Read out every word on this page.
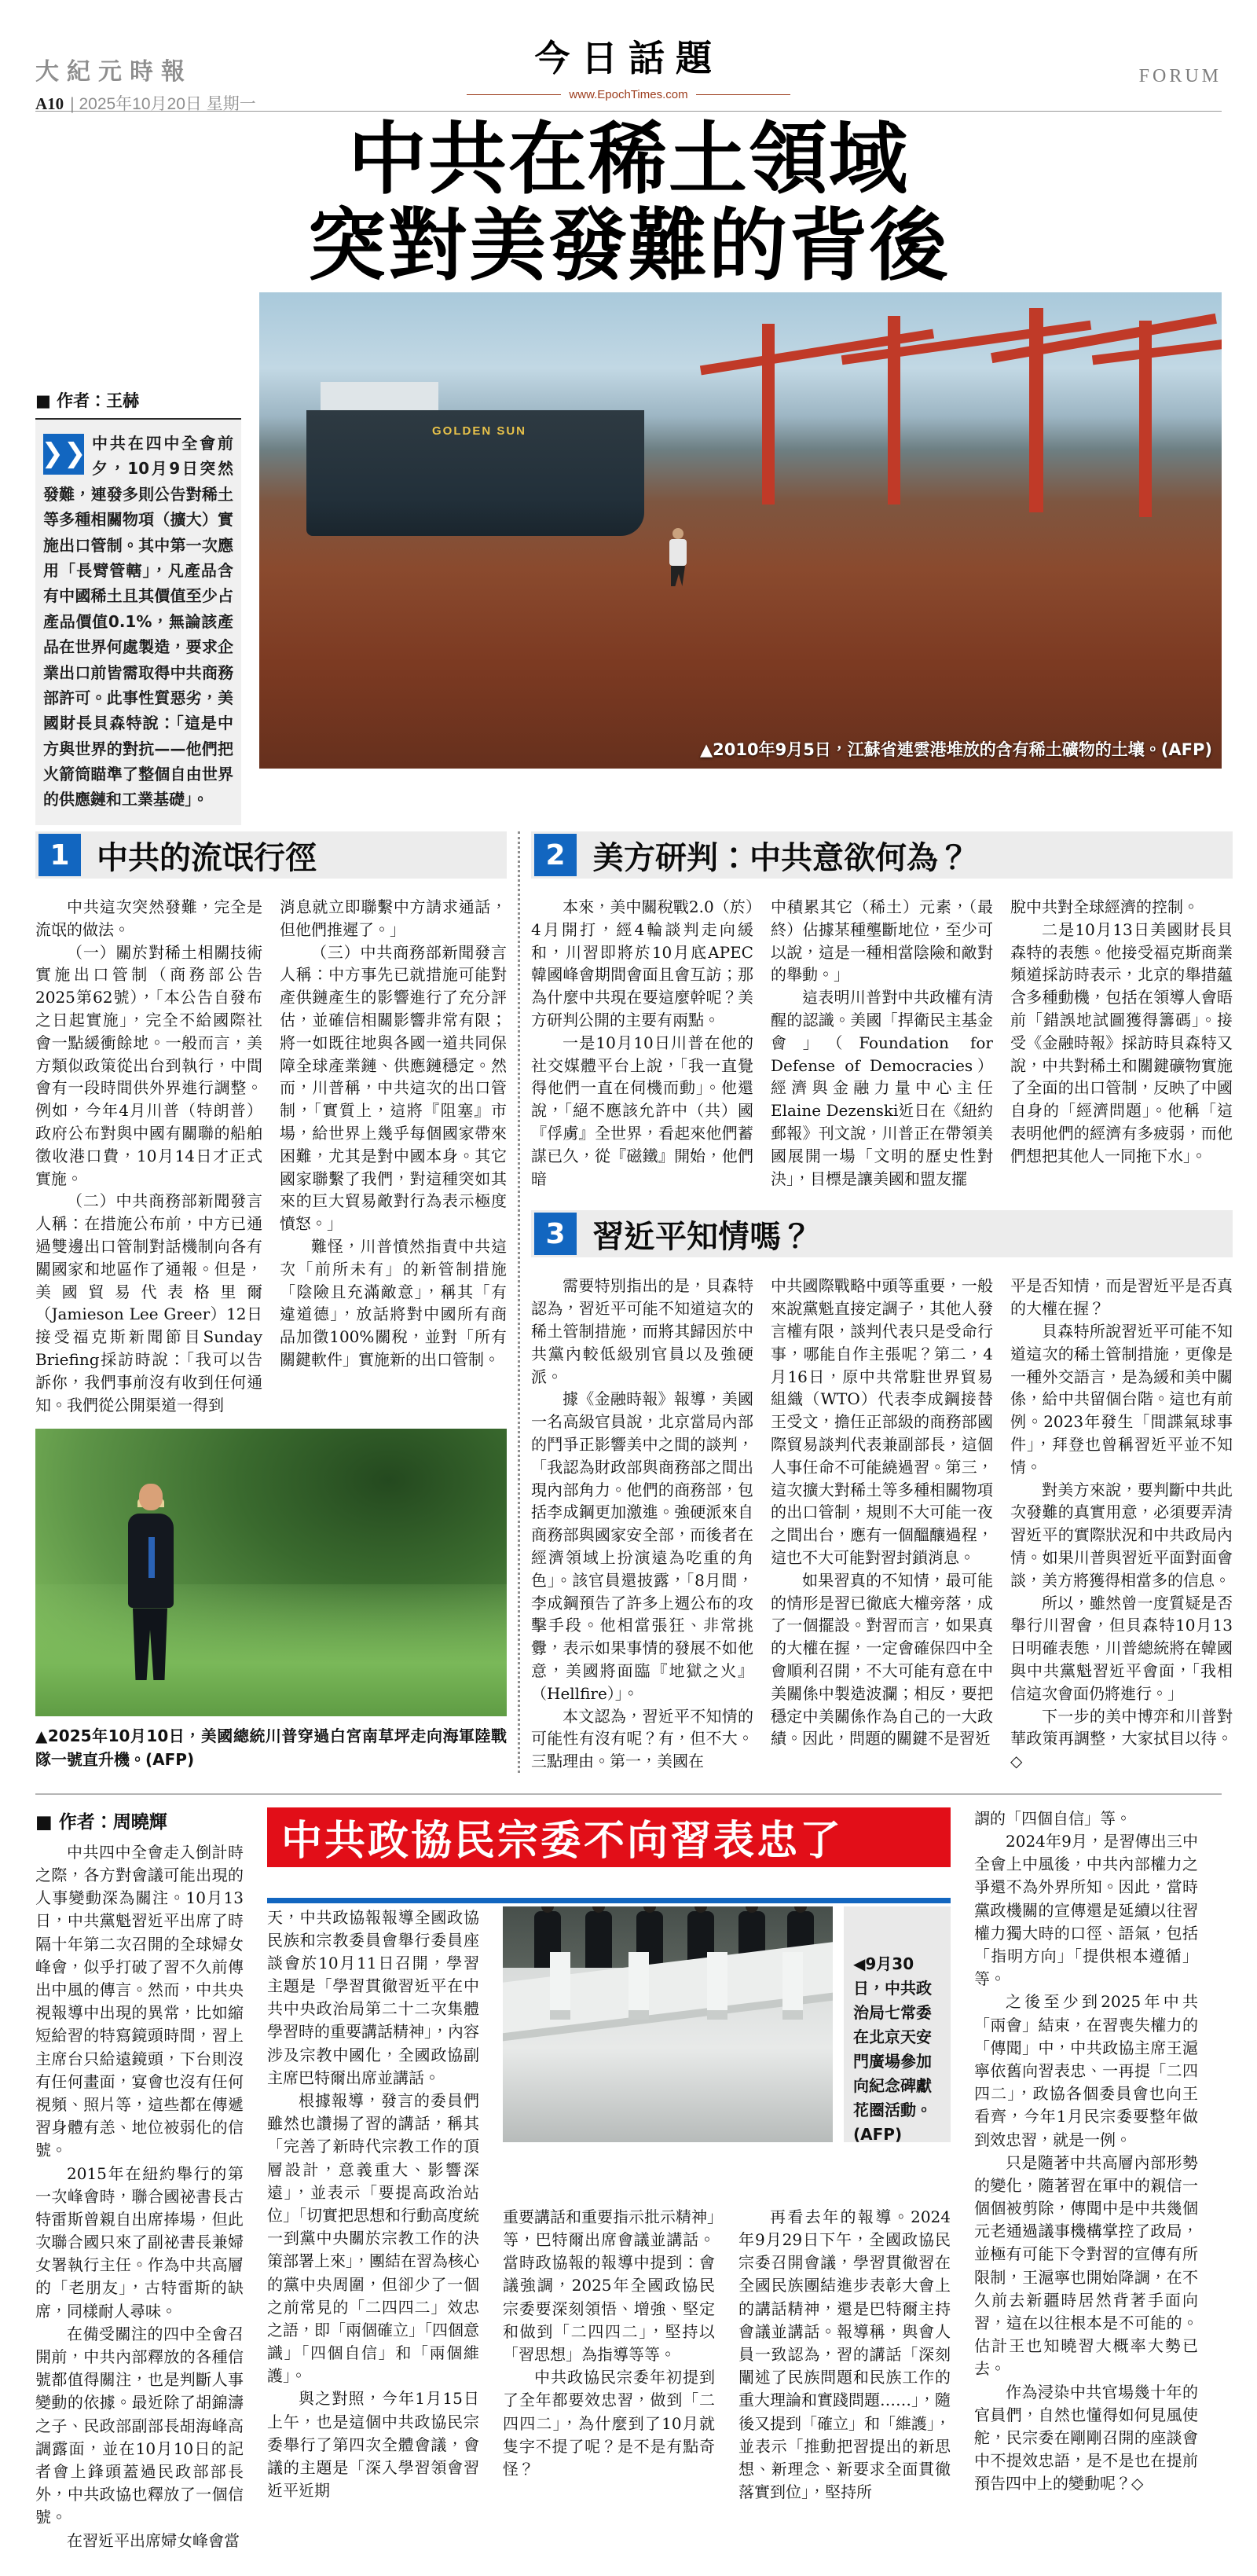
大紀元時報
A10 | 2025年10月20日 星期一
今日話題
www.EpochTimes.com
FORUM
中共在稀土領域
突對美發難的背後
■ 作者：王赫
❯❯ 中共在四中全會前夕，10月9日突然發難，連發多則公告對稀土等多種相關物項（擴大）實施出口管制。其中第一次應用「長臂管轄」，凡產品含有中國稀土且其價值至少占產品價值0.1%，無論該產品在世界何處製造，要求企業出口前皆需取得中共商務部許可。此事性質惡劣，美國財長貝森特說：「這是中方與世界的對抗——他們把火箭筒瞄準了整個自由世界的供應鏈和工業基礎」。
GOLDEN SUN
▲2010年9月5日，江蘇省連雲港堆放的含有稀土礦物的土壤。(AFP)
1 中共的流氓行徑

中共這次突然發難，完全是流氓的做法。

（一）關於對稀土相關技術實施出口管制（商務部公告2025第62號），「本公告自發布之日起實施」，完全不給國際社會一點緩衝餘地。一般而言，美方類似政策從出台到執行，中間會有一段時間供外界進行調整。例如，今年4月川普（特朗普）政府公布對與中國有關聯的船舶徵收港口費，10月14日才正式實施。

（二）中共商務部新聞發言人稱：在措施公布前，中方已通過雙邊出口管制對話機制向各有關國家和地區作了通報。但是，美國貿易代表格里爾（Jamieson Lee Greer）12日接受福克斯新聞節目Sunday Briefing採訪時說：「我可以告訴你，我們事前沒有收到任何通知。我們從公開渠道一得到

消息就立即聯繫中方請求通話，但他們推遲了。」

（三）中共商務部新聞發言人稱：中方事先已就措施可能對產供鏈產生的影響進行了充分評估，並確信相關影響非常有限；將一如既往地與各國一道共同保障全球產業鏈、供應鏈穩定。然而，川普稱，中共這次的出口管制，「實質上，這將『阻塞』市場，給世界上幾乎每個國家帶來困難，尤其是對中國本身。其它國家聯繫了我們，對這種突如其來的巨大貿易敵對行為表示極度憤怒。」

難怪，川普憤然指責中共這次「前所未有」的新管制措施「陰險且充滿敵意」，稱其「有違道德」，放話將對中國所有商品加徵100%關稅，並對「所有關鍵軟件」實施新的出口管制。

▲2025年10月10日，美國總統川普穿過白宮南草坪走向海軍陸戰隊一號直升機。(AFP)
2 美方研判：中共意欲何為？

本來，美中關稅戰2.0（於）4月開打，經4輪談判走向緩和，川習即將於10月底APEC韓國峰會期間會面且會互訪；那為什麼中共現在要這麼幹呢？美方研判公開的主要有兩點。

一是10月10日川普在他的社交媒體平台上說，「我一直覺得他們一直在伺機而動」。他還說，「絕不應該允許中（共）國『俘虜』全世界，看起來他們蓄謀已久，從『磁鐵』開始，他們暗

中積累其它（稀土）元素，（最終）佔據某種壟斷地位，至少可以說，這是一種相當陰險和敵對的舉動。」

這表明川普對中共政權有清醒的認識。美國「捍衛民主基金會」（Foundation for Defense of Democracies）經濟與金融力量中心主任Elaine Dezenski近日在《紐約郵報》刊文說，川普正在帶領美國展開一場「文明的歷史性對決」，目標是讓美國和盟友擺

脫中共對全球經濟的控制。

二是10月13日美國財長貝森特的表態。他接受福克斯商業頻道採訪時表示，北京的舉措蘊含多種動機，包括在領導人會晤前「錯誤地試圖獲得籌碼」。接受《金融時報》採訪時貝森特又說，中共對稀土和關鍵礦物實施了全面的出口管制，反映了中國自身的「經濟問題」。他稱「這表明他們的經濟有多疲弱，而他們想把其他人一同拖下水」。

3 習近平知情嗎？

需要特別指出的是，貝森特認為，習近平可能不知道這次的稀土管制措施，而將其歸因於中共黨內較低級別官員以及強硬派。

據《金融時報》報導，美國一名高級官員說，北京當局內部的鬥爭正影響美中之間的談判，「我認為財政部與商務部之間出現內部角力。他們的商務部，包括李成鋼更加激進。強硬派來自商務部與國家安全部，而後者在經濟領域上扮演遠為吃重的角色」。該官員還披露，「8月間，李成鋼預告了許多上週公布的攻擊手段。他相當張狂、非常挑釁，表示如果事情的發展不如他意，美國將面臨『地獄之火』（Hellfire）」。

本文認為，習近平不知情的可能性有沒有呢？有，但不大。三點理由。第一，美國在

中共國際戰略中頭等重要，一般來說黨魁直接定調子，其他人發言權有限，談判代表只是受命行事，哪能自作主張呢？第二，4月16日，原中共常駐世界貿易組織（WTO）代表李成鋼接替王受文，擔任正部級的商務部國際貿易談判代表兼副部長，這個人事任命不可能繞過習。第三，這次擴大對稀土等多種相關物項的出口管制，規則不大可能一夜之間出台，應有一個醞釀過程，這也不大可能對習封鎖消息。

如果習真的不知情，最可能的情形是習已徹底大權旁落，成了一個擺設。對習而言，如果真的大權在握，一定會確保四中全會順利召開，不大可能有意在中美關係中製造波瀾；相反，要把穩定中美關係作為自己的一大政績。因此，問題的關鍵不是習近

平是否知情，而是習近平是否真的大權在握？

貝森特所說習近平可能不知道這次的稀土管制措施，更像是一種外交語言，是為緩和美中關係，給中共留個台階。這也有前例。2023年發生「間諜氣球事件」，拜登也曾稱習近平並不知情。

對美方來說，要判斷中共此次發難的真實用意，必須要弄清習近平的實際狀況和中共政局內情。如果川普與習近平面對面會談，美方將獲得相當多的信息。

所以，雖然曾一度質疑是否舉行川習會，但貝森特10月13日明確表態，川普總統將在韓國與中共黨魁習近平會面，「我相信這次會面仍將進行。」

下一步的美中博弈和川普對華政策再調整，大家拭目以待。◇

■ 作者：周曉輝

中共四中全會走入倒計時之際，各方對會議可能出現的人事變動深為關注。10月13日，中共黨魁習近平出席了時隔十年第二次召開的全球婦女峰會，似乎打破了習不久前傳出中風的傳言。然而，中共央視報導中出現的異常，比如縮短給習的特寫鏡頭時間，習上主席台只給遠鏡頭，下台則沒有任何畫面，宴會也沒有任何視頻、照片等，這些都在傳遞習身體有恙、地位被弱化的信號。

2015年在紐約舉行的第一次峰會時，聯合國祕書長古特雷斯曾親自出席捧場，但此次聯合國只來了副祕書長兼婦女署執行主任。作為中共高層的「老朋友」，古特雷斯的缺席，同樣耐人尋味。

在備受關注的四中全會召開前，中共內部釋放的各種信號都值得關注，也是判斷人事變動的依據。最近除了胡錦濤之子、民政部副部長胡海峰高調露面，並在10月10日的記者會上鋒頭蓋過民政部部長外，中共政協也釋放了一個信號。

在習近平出席婦女峰會當

中共政協民宗委不向習表忠了

天，中共政協報報導全國政協民族和宗教委員會舉行委員座談會於10月11日召開，學習主題是「學習貫徹習近平在中共中央政治局第二十二次集體學習時的重要講話精神」，內容涉及宗教中國化，全國政協副主席巴特爾出席並講話。

根據報導，發言的委員們雖然也讚揚了習的講話，稱其「完善了新時代宗教工作的頂層設計，意義重大、影響深遠」，並表示「要提高政治站位」「切實把思想和行動高度統一到黨中央關於宗教工作的決策部署上來」，團結在習為核心的黨中央周圍，但卻少了一個之前常見的「二四四二」效忠之語，即「兩個確立」「四個意識」「四個自信」和「兩個維護」。

與之對照，今年1月15日上午，也是這個中共政協民宗委舉行了第四次全體會議，會議的主題是「深入學習領會習近平近期

◀9月30日，中共政治局七常委在北京天安門廣場參加向紀念碑獻花圈活動。(AFP)

重要講話和重要指示批示精神」等，巴特爾出席會議並講話。當時政協報的報導中提到：會議強調，2025年全國政協民宗委要深刻領悟、增強、堅定和做到「二四四二」，堅持以「習思想」為指導等等。

中共政協民宗委年初提到了全年都要效忠習，做到「二四四二」，為什麼到了10月就隻字不提了呢？是不是有點奇怪？

再看去年的報導。2024年9月29日下午，全國政協民宗委召開會議，學習貫徹習在全國民族團結進步表彰大會上的講話精神，還是巴特爾主持會議並講話。報導稱，與會人員一致認為，習的講話「深刻闡述了民族問題和民族工作的重大理論和實踐問題……」，隨後又提到「確立」和「維護」，並表示「推動把習提出的新思想、新理念、新要求全面貫徹落實到位」，堅持所

謂的「四個自信」等。

2024年9月，是習傳出三中全會上中風後，中共內部權力之爭還不為外界所知。因此，當時黨政機關的宣傳還是延續以往習權力獨大時的口徑、語氣，包括「指明方向」「提供根本遵循」等。

之後至少到2025年中共「兩會」結束，在習喪失權力的「傳聞」中，中共政協主席王滬寧依舊向習表忠、一再提「二四四二」，政協各個委員會也向王看齊，今年1月民宗委要整年做到效忠習，就是一例。

只是隨著中共高層內部形勢的變化，隨著習在軍中的親信一個個被剪除，傳聞中是中共幾個元老通過議事機構掌控了政局，並極有可能下令對習的宣傳有所限制，王滬寧也開始降調，在不久前去新疆時居然背著手面向習，這在以往根本是不可能的。估計王也知曉習大概率大勢已去。

作為浸染中共官場幾十年的官員們，自然也懂得如何見風使舵，民宗委在剛剛召開的座談會中不提效忠語，是不是也在提前預告四中上的變動呢？◇
